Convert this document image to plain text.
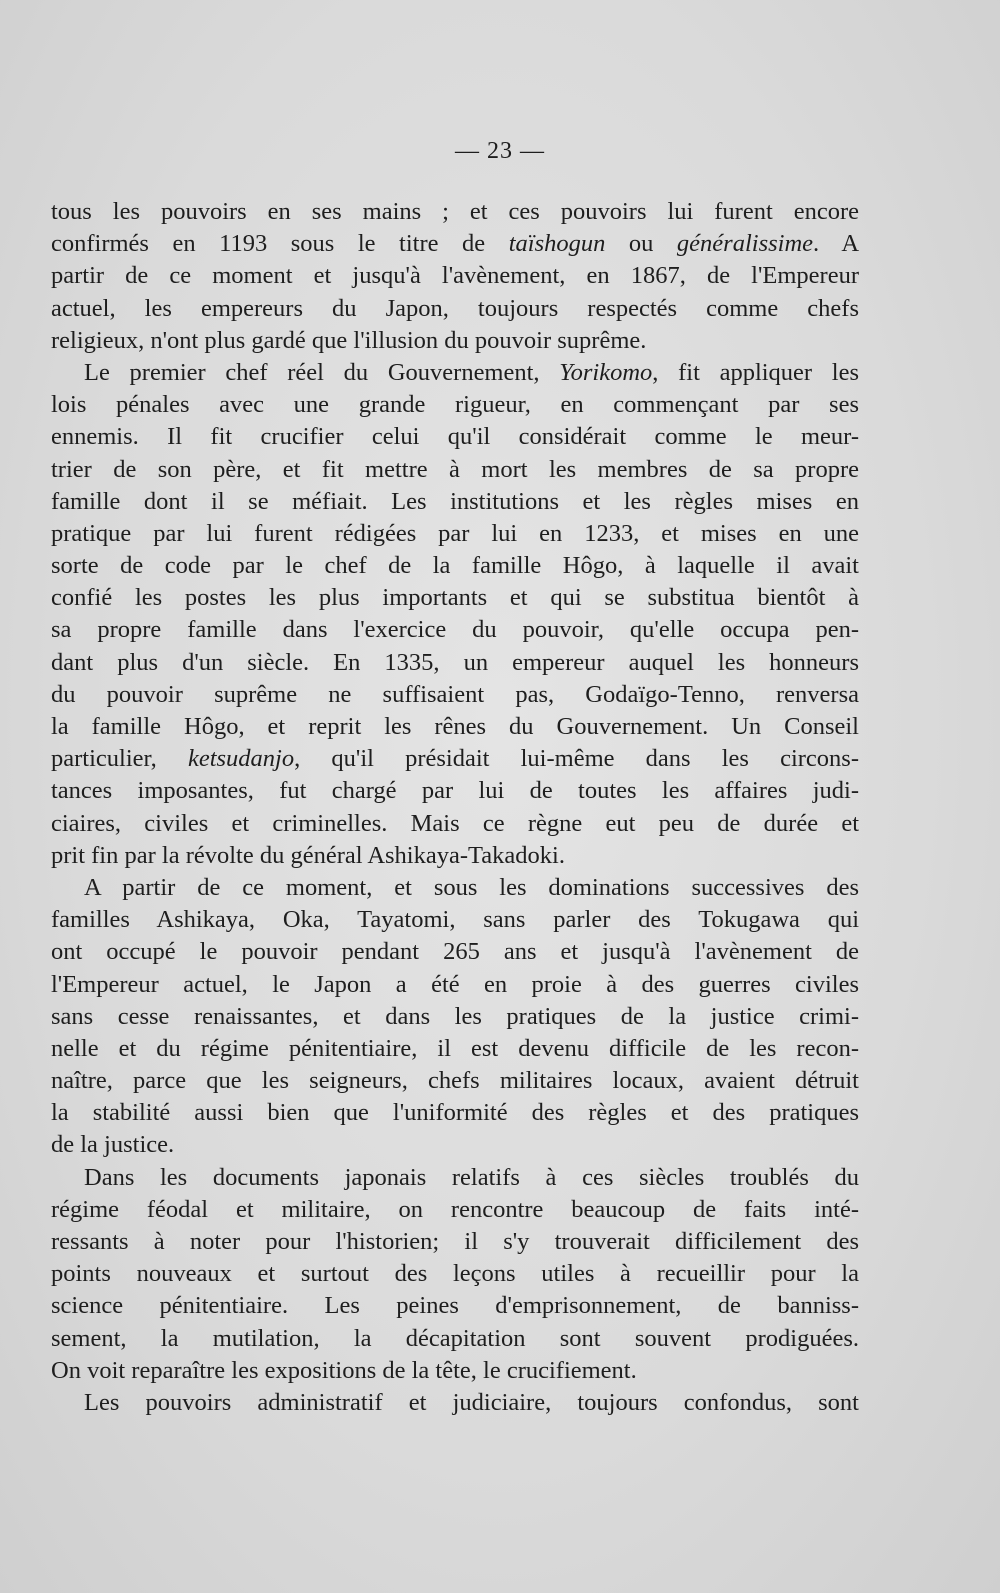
— 23 —
tous les pouvoirs en ses mains ; et ces pouvoirs lui furent encore
confirmés en 1193 sous le titre de taïshogun ou généralissime. A
partir de ce moment et jusqu'à l'avènement, en 1867, de l'Empereur
actuel, les empereurs du Japon, toujours respectés comme chefs
religieux, n'ont plus gardé que l'illusion du pouvoir suprême.
Le premier chef réel du Gouvernement, Yorikomo, fit appliquer les
lois pénales avec une grande rigueur, en commençant par ses
ennemis. Il fit crucifier celui qu'il considérait comme le meur-
trier de son père, et fit mettre à mort les membres de sa propre
famille dont il se méfiait. Les institutions et les règles mises en
pratique par lui furent rédigées par lui en 1233, et mises en une
sorte de code par le chef de la famille Hôgo, à laquelle il avait
confié les postes les plus importants et qui se substitua bientôt à
sa propre famille dans l'exercice du pouvoir, qu'elle occupa pen-
dant plus d'un siècle. En 1335, un empereur auquel les honneurs
du pouvoir suprême ne suffisaient pas, Godaïgo-Tenno, renversa
la famille Hôgo, et reprit les rênes du Gouvernement. Un Conseil
particulier, ketsudanjo, qu'il présidait lui-même dans les circons-
tances imposantes, fut chargé par lui de toutes les affaires judi-
ciaires, civiles et criminelles. Mais ce règne eut peu de durée et
prit fin par la révolte du général Ashikaya-Takadoki.
A partir de ce moment, et sous les dominations successives des
familles Ashikaya, Oka, Tayatomi, sans parler des Tokugawa qui
ont occupé le pouvoir pendant 265 ans et jusqu'à l'avènement de
l'Empereur actuel, le Japon a été en proie à des guerres civiles
sans cesse renaissantes, et dans les pratiques de la justice crimi-
nelle et du régime pénitentiaire, il est devenu difficile de les recon-
naître, parce que les seigneurs, chefs militaires locaux, avaient détruit
la stabilité aussi bien que l'uniformité des règles et des pratiques
de la justice.
Dans les documents japonais relatifs à ces siècles troublés du
régime féodal et militaire, on rencontre beaucoup de faits inté-
ressants à noter pour l'historien; il s'y trouverait difficilement des
points nouveaux et surtout des leçons utiles à recueillir pour la
science pénitentiaire. Les peines d'emprisonnement, de banniss-
sement, la mutilation, la décapitation sont souvent prodiguées.
On voit reparaître les expositions de la tête, le crucifiement.
Les pouvoirs administratif et judiciaire, toujours confondus, sont
